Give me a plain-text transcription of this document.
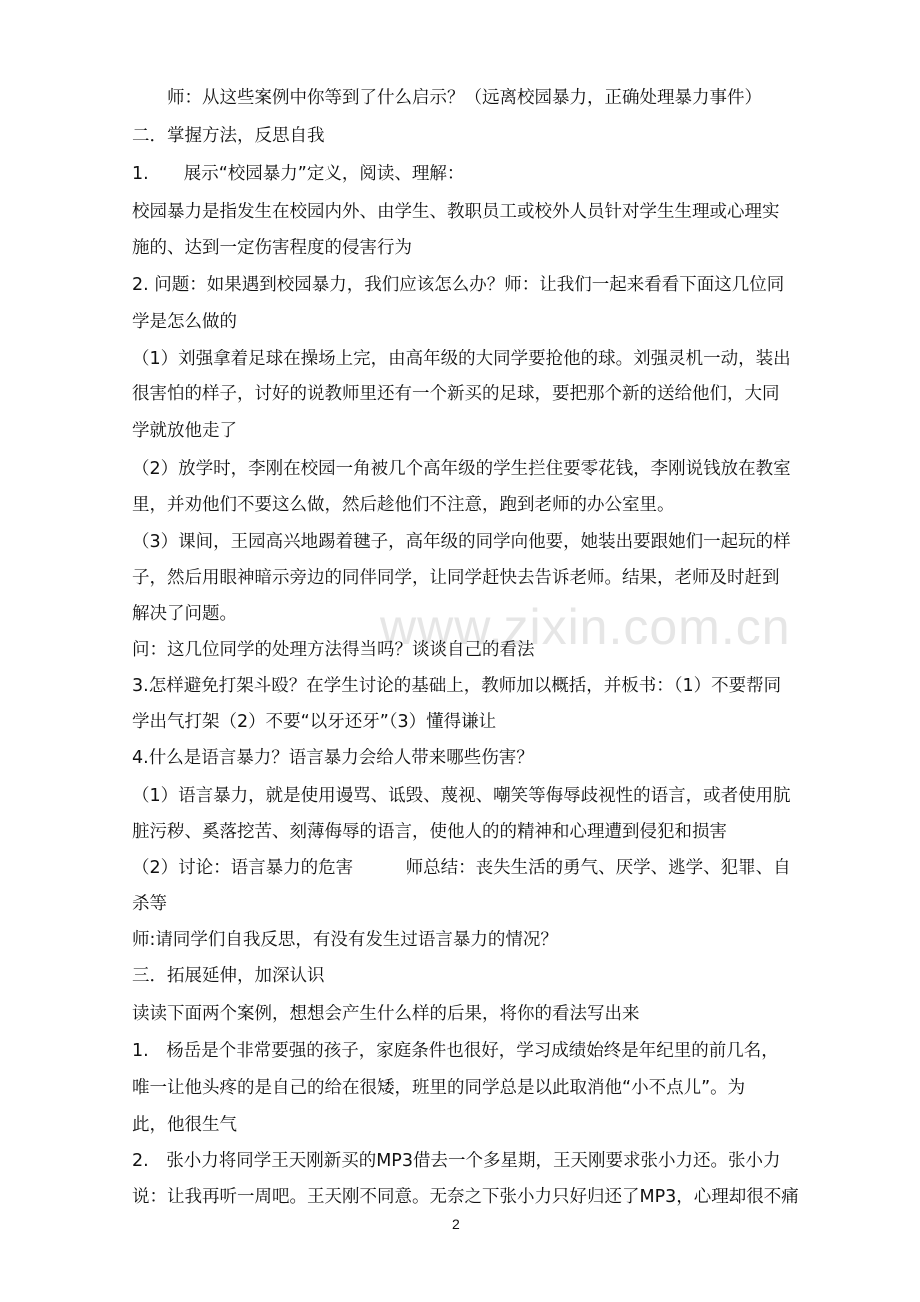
www.zixin.com.cn
　　师：从这些案例中你等到了什么启示？（远离校园暴力，正确处理暴力事件）
二．掌握方法，反思自我
1.　　展示“校园暴力”定义，阅读、理解：
校园暴力是指发生在校园内外、由学生、教职员工或校外人员针对学生生理或心理实
施的、达到一定伤害程度的侵害行为
2. 问题：如果遇到校园暴力，我们应该怎么办？师：让我们一起来看看下面这几位同
学是怎么做的
（1）刘强拿着足球在操场上完，由高年级的大同学要抢他的球。刘强灵机一动，装出
很害怕的样子，讨好的说教师里还有一个新买的足球，要把那个新的送给他们，大同
学就放他走了
（2）放学时，李刚在校园一角被几个高年级的学生拦住要零花钱，李刚说钱放在教室
里，并劝他们不要这么做，然后趁他们不注意，跑到老师的办公室里。
（3）课间，王园高兴地踢着毽子，高年级的同学向他要，她装出要跟她们一起玩的样
子，然后用眼神暗示旁边的同伴同学，让同学赶快去告诉老师。结果，老师及时赶到
解决了问题。
问：这几位同学的处理方法得当吗？谈谈自己的看法
3.怎样避免打架斗殴？在学生讨论的基础上，教师加以概括，并板书：（1）不要帮同
学出气打架（2）不要“以牙还牙”（3）懂得谦让
4.什么是语言暴力？语言暴力会给人带来哪些伤害？
（1）语言暴力，就是使用谩骂、诋毁、蔑视、嘲笑等侮辱歧视性的语言，或者使用肮
脏污秽、奚落挖苦、刻薄侮辱的语言，使他人的的精神和心理遭到侵犯和损害
（2）讨论：语言暴力的危害　　　师总结：丧失生活的勇气、厌学、逃学、犯罪、自
杀等
师:请同学们自我反思，有没有发生过语言暴力的情况？
三．拓展延伸，加深认识
读读下面两个案例，想想会产生什么样的后果，将你的看法写出来
1.　杨岳是个非常要强的孩子，家庭条件也很好，学习成绩始终是年纪里的前几名，
唯一让他头疼的是自己的给在很矮，班里的同学总是以此取消他“小不点儿”。为
此，他很生气
2.　张小力将同学王天刚新买的MP3借去一个多星期，王天刚要求张小力还。张小力
说：让我再听一周吧。王天刚不同意。无奈之下张小力只好归还了MP3，心理却很不痛
2
